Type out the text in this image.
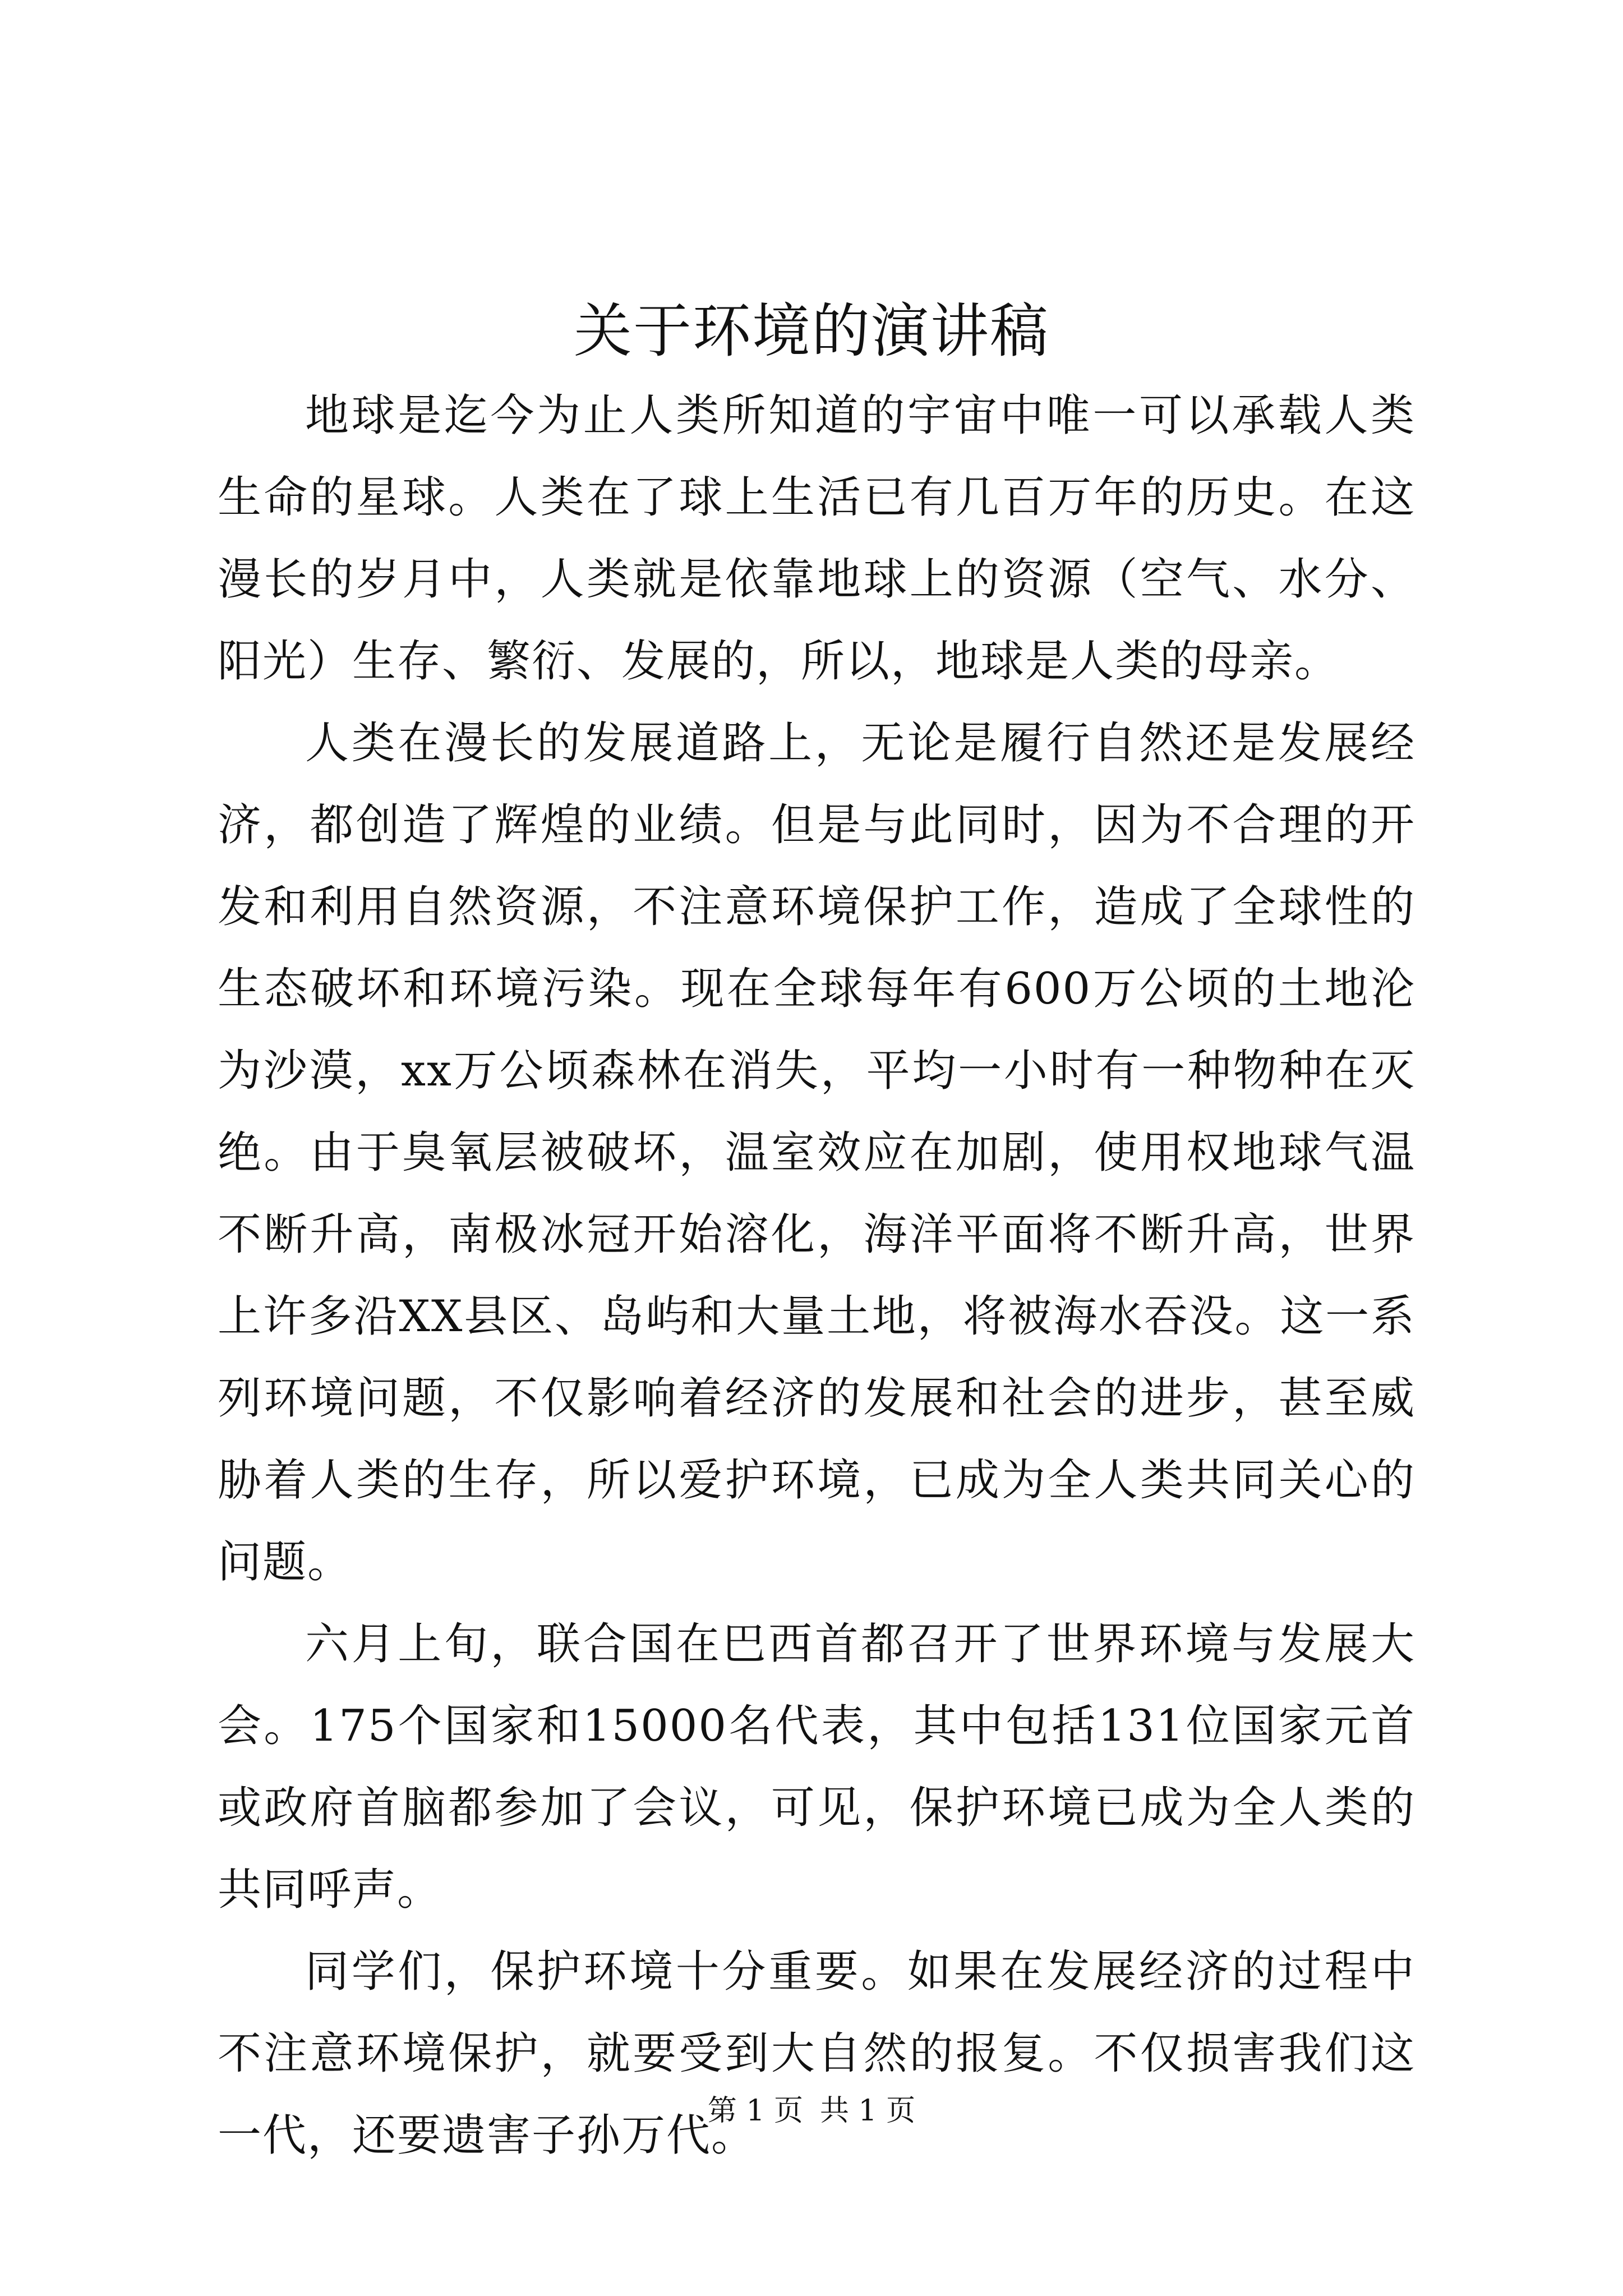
关于环境的演讲稿

地球是迄今为止人类所知道的宇宙中唯一可以承载人类生命的星球。人类在了球上生活已有几百万年的历史。在这漫长的岁月中，人类就是依靠地球上的资源（空气、水分、阳光）生存、繁衍、发展的，所以，地球是人类的母亲。

人类在漫长的发展道路上，无论是履行自然还是发展经济，都创造了辉煌的业绩。但是与此同时，因为不合理的开发和利用自然资源，不注意环境保护工作，造成了全球性的生态破坏和环境污染。现在全球每年有600万公顷的土地沦为沙漠，xx万公顷森林在消失，平均一小时有一种物种在灭绝。由于臭氧层被破坏，温室效应在加剧，使用权地球气温不断升高，南极冰冠开始溶化，海洋平面将不断升高，世界上许多沿XX县区、岛屿和大量土地，将被海水吞没。这一系列环境问题，不仅影响着经济的发展和社会的进步，甚至威胁着人类的生存，所以爱护环境，已成为全人类共同关心的问题。

六月上旬，联合国在巴西首都召开了世界环境与发展大会。175个国家和15000名代表，其中包括131位国家元首或政府首脑都参加了会议，可见，保护环境已成为全人类的共同呼声。

同学们，保护环境十分重要。如果在发展经济的过程中不注意环境保护，就要受到大自然的报复。不仅损害我们这一代，还要遗害子孙万代。

第 1 页 共 1 页
